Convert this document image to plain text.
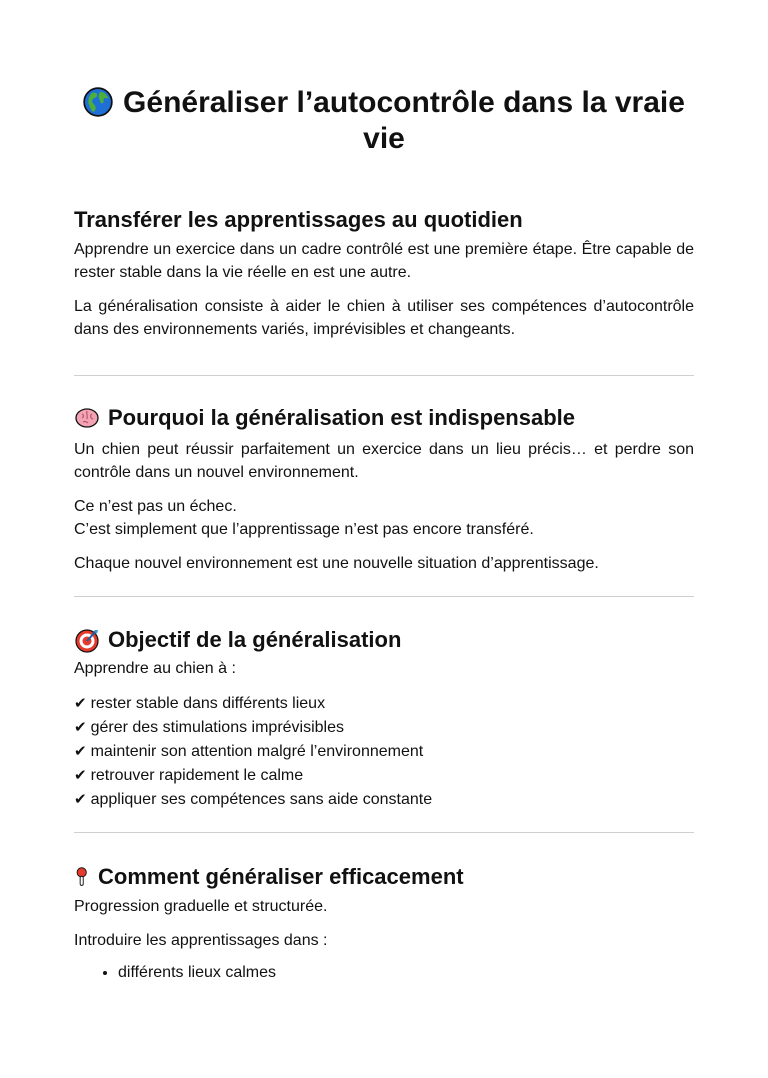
Généraliser l’autocontrôle dans la vraie vie
Transférer les apprentissages au quotidien

Apprendre un exercice dans un cadre contrôlé est une première étape. Être capable de rester stable dans la vie réelle en est une autre.

La généralisation consiste à aider le chien à utiliser ses compétences d’autocontrôle dans des environnements variés, imprévisibles et changeants.

Pourquoi la généralisation est indispensable

Un chien peut réussir parfaitement un exercice dans un lieu précis… et perdre son contrôle dans un nouvel environnement.

Ce n’est pas un échec.

C’est simplement que l’apprentissage n’est pas encore transféré.

Chaque nouvel environnement est une nouvelle situation d’apprentissage.

Objectif de la généralisation

Apprendre au chien à :

✔ rester stable dans différents lieux
✔ gérer des stimulations imprévisibles
✔ maintenir son attention malgré l’environnement
✔ retrouver rapidement le calme
✔ appliquer ses compétences sans aide constante
Comment généraliser efficacement

Progression graduelle et structurée.

Introduire les apprentissages dans :

• différents lieux calmes
